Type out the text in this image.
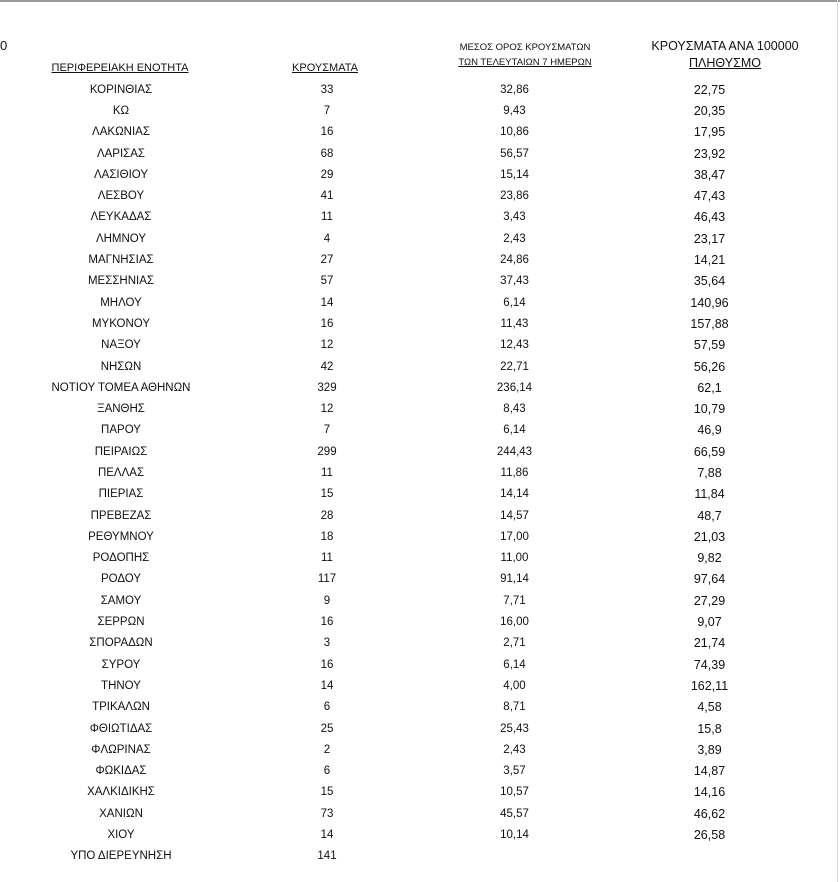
0
ΠΕΡΙΦΕΡΕΙΑΚΗ ΕΝΟΤΗΤΑ	ΚΡΟΥΣΜΑΤΑ
ΜΕΣΟΣ ΟΡΟΣ ΚΡΟΥΣΜΑΤΩΝ
ΤΩΝ ΤΕΛΕΥΤΑΙΩΝ 7 ΗΜΕΡΩΝ
ΚΡΟΥΣΜΑΤΑ ΑΝΑ 100000
ΠΛΗΘΥΣΜΟ
ΚΟΡΙΝΘΙΑΣ	33	32,86	22,75
ΚΩ	7	9,43	20,35
ΛΑΚΩΝΙΑΣ	16	10,86	17,95
ΛΑΡΙΣΑΣ	68	56,57	23,92
ΛΑΣΙΘΙΟΥ	29	15,14	38,47
ΛΕΣΒΟΥ	41	23,86	47,43
ΛΕΥΚΑΔΑΣ	11	3,43	46,43
ΛΗΜΝΟΥ	4	2,43	23,17
ΜΑΓΝΗΣΙΑΣ	27	24,86	14,21
ΜΕΣΣΗΝΙΑΣ	57	37,43	35,64
ΜΗΛΟΥ	14	6,14	140,96
ΜΥΚΟΝΟΥ	16	11,43	157,88
ΝΑΞΟΥ	12	12,43	57,59
ΝΗΣΩΝ	42	22,71	56,26
ΝΟΤΙΟΥ ΤΟΜΕΑ ΑΘΗΝΩΝ	329	236,14	62,1
ΞΑΝΘΗΣ	12	8,43	10,79
ΠΑΡΟΥ	7	6,14	46,9
ΠΕΙΡΑΙΩΣ	299	244,43	66,59
ΠΕΛΛΑΣ	11	11,86	7,88
ΠΙΕΡΙΑΣ	15	14,14	11,84
ΠΡΕΒΕΖΑΣ	28	14,57	48,7
ΡΕΘΥΜΝΟΥ	18	17,00	21,03
ΡΟΔΟΠΗΣ	11	11,00	9,82
ΡΟΔΟΥ	117	91,14	97,64
ΣΑΜΟΥ	9	7,71	27,29
ΣΕΡΡΩΝ	16	16,00	9,07
ΣΠΟΡΑΔΩΝ	3	2,71	21,74
ΣΥΡΟΥ	16	6,14	74,39
ΤΗΝΟΥ	14	4,00	162,11
ΤΡΙΚΑΛΩΝ	6	8,71	4,58
ΦΘΙΩΤΙΔΑΣ	25	25,43	15,8
ΦΛΩΡΙΝΑΣ	2	2,43	3,89
ΦΩΚΙΔΑΣ	6	3,57	14,87
ΧΑΛΚΙΔΙΚΗΣ	15	10,57	14,16
ΧΑΝΙΩΝ	73	45,57	46,62
ΧΙΟΥ	14	10,14	26,58
ΥΠΟ ΔΙΕΡΕΥΝΗΣΗ	141
